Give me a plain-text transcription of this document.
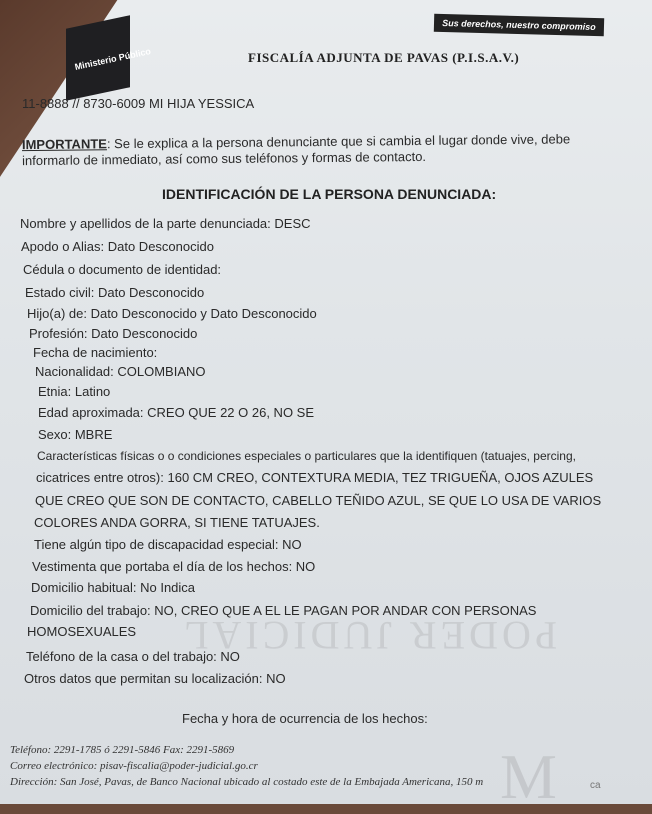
Ministerio Público
Sus derechos, nuestro compromiso
FISCALÍA ADJUNTA DE PAVAS (P.I.S.A.V.)
PODER JUDICIAL
M
11-8888 // 8730-6009 MI HIJA YESSICA
IMPORTANTE: Se le explica a la persona denunciante que si cambia el lugar donde vive, debe informarlo de inmediato, así como sus teléfonos y formas de contacto.
IDENTIFICACIÓN DE LA PERSONA DENUNCIADA:
Nombre y apellidos de la parte denunciada: DESC
Apodo o Alias: Dato Desconocido
Cédula o documento de identidad:
Estado civil: Dato Desconocido
Hijo(a) de: Dato Desconocido y Dato Desconocido
Profesión: Dato Desconocido
Fecha de nacimiento:
Nacionalidad: COLOMBIANO
Etnia: Latino
Edad aproximada: CREO QUE 22 O 26, NO SE
Sexo: MBRE
Características físicas o o condiciones especiales o particulares que la identifiquen (tatuajes, percing,
cicatrices entre otros): 160 CM CREO, CONTEXTURA MEDIA, TEZ TRIGUEÑA, OJOS AZULES
QUE CREO QUE SON DE CONTACTO, CABELLO TEÑIDO AZUL, SE QUE LO USA DE VARIOS
COLORES ANDA GORRA, SI TIENE TATUAJES.
Tiene algún tipo de discapacidad especial: NO
Vestimenta que portaba el día de los hechos: NO
Domicilio habitual: No Indica
Domicilio del trabajo: NO, CREO QUE A EL LE PAGAN POR ANDAR CON PERSONAS
HOMOSEXUALES
Teléfono de la casa o del trabajo: NO
Otros datos que permitan su localización: NO
Fecha y hora de ocurrencia de los hechos:
Teléfono: 2291-1785 ó 2291-5846 Fax: 2291-5869
Correo electrónico: pisav-fiscalia@poder-judicial.go.cr
Dirección: San José, Pavas, de Banco Nacional ubicado al costado este de la Embajada Americana, 150 m	ca
